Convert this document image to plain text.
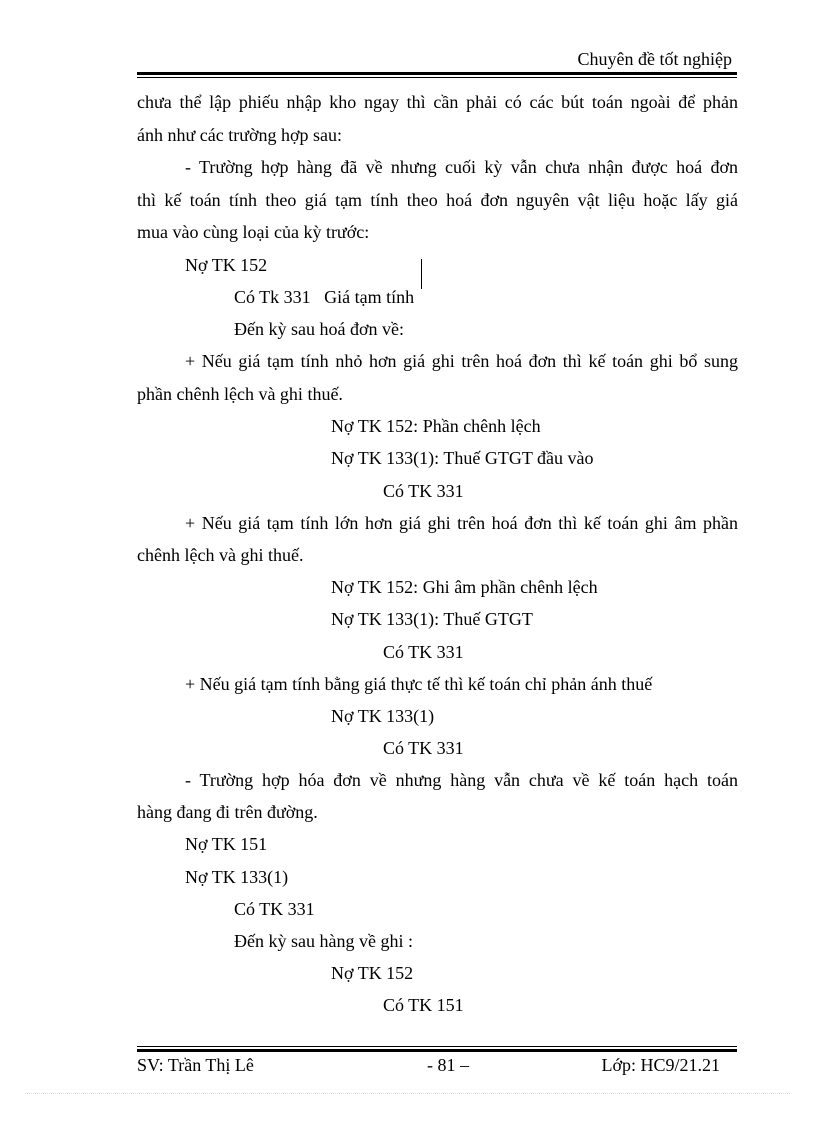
Chuyên đề tốt nghiệp
chưa thể lập phiếu nhập kho ngay thì cần phải có các bút toán ngoài để phản
ánh như các trường hợp sau:
- Trường hợp hàng đã về nhưng cuối kỳ vẫn chưa nhận được hoá đơn
thì kế toán tính theo giá tạm tính theo hoá đơn nguyên vật liệu hoặc lấy giá
mua vào cùng loại của kỳ trước:
Nợ TK 152
Có Tk 331   Giá tạm tính
Đến kỳ sau hoá đơn về:
+ Nếu giá tạm tính nhỏ hơn giá ghi trên hoá đơn thì kế toán ghi bổ sung
phần chênh lệch và ghi thuế.
Nợ TK 152: Phần chênh lệch
Nợ TK 133(1): Thuế GTGT đầu vào
Có TK 331
+ Nếu giá tạm tính lớn hơn giá ghi trên hoá đơn thì kế toán ghi âm phần
chênh lệch và ghi thuế.
Nợ TK 152: Ghi âm phần chênh lệch
Nợ TK 133(1): Thuế GTGT
Có TK 331
+ Nếu giá tạm tính bằng giá thực tế thì kế toán chỉ phản ánh thuế
Nợ TK 133(1)
Có TK 331
- Trường hợp hóa đơn về nhưng hàng vẫn chưa về kế toán hạch toán
hàng đang đi trên đường.
Nợ TK 151
Nợ TK 133(1)
Có TK 331
Đến kỳ sau hàng về ghi :
Nợ TK 152
Có TK 151
SV: Trần Thị Lê	- 81 –	Lớp: HC9/21.21
